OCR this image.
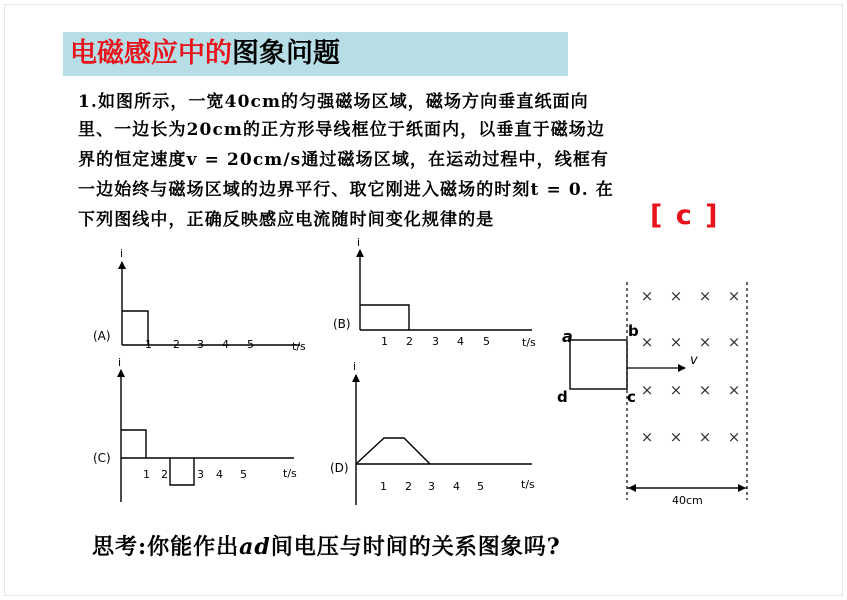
电磁感应中的图象问题
1.如图所示，一宽40cm的匀强磁场区域，磁场方向垂直纸面向
里、一边长为20cm的正方形导线框位于纸面内，以垂直于磁场边
界的恒定速度v = 20cm/s通过磁场区域，在运动过程中，线框有
一边始终与磁场区域的边界平行、取它刚进入磁场的时刻t = 0. 在
下列图线中，正确反映感应电流随时间变化规律的是	[ c ]
i
(A)
1 2 3 4 5	t/s
i
(B)
1 2 3 4 5	t/s
i
(C)
1 2	3 4 5	t/s
i
(D)
1 2 3 4 5	t/s
× × × ×
× × × ×
× × × ×
× × × ×
a	b
c
d
v
40cm
思考:你能作出ad间电压与时间的关系图象吗?
